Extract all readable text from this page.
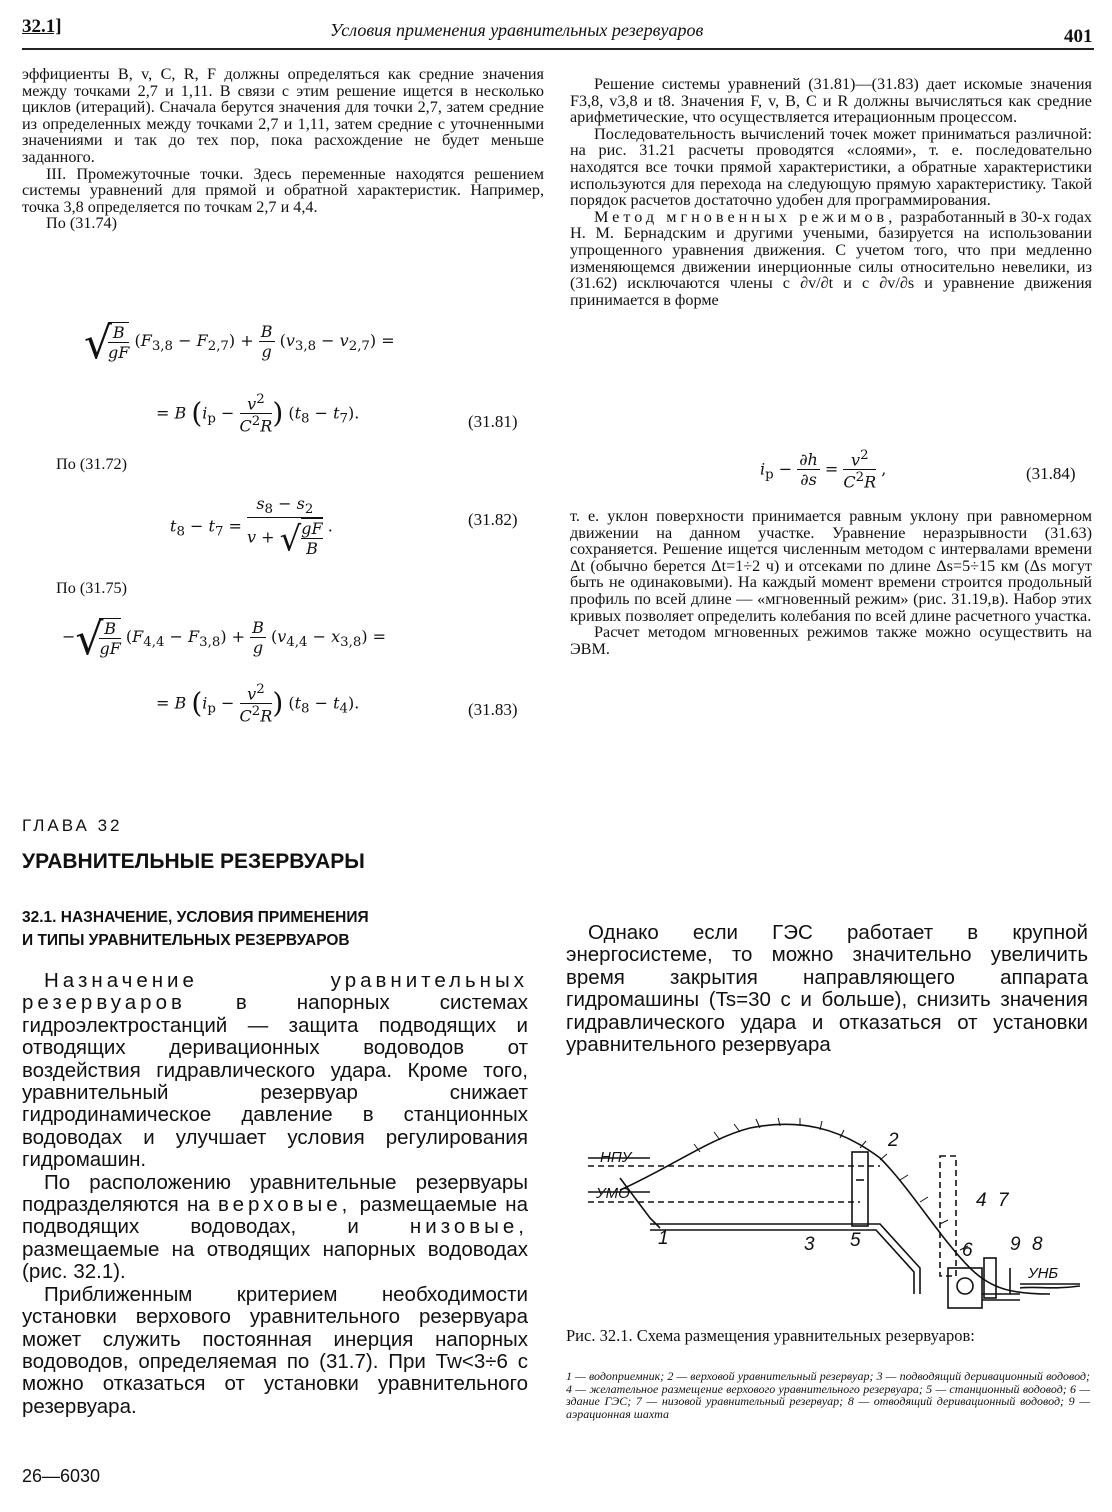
32.1]	Условия применения уравнительных резервуаров	401

эффициенты B, v, C, R, F должны определяться как средние значения между точками 2,7 и 1,11. В связи с этим решение ищется в несколько циклов (итераций). Сначала берутся значения для точки 2,7, затем средние из определенных между точками 2,7 и 1,11, затем средние с уточненными значениями и так до тех пор, пока расхождение не будет меньше заданного.

III. Промежуточные точки. Здесь переменные находятся решением системы уравнений для прямой и обратной характеристик. Например, точка 3,8 определяется по точкам 2,7 и 4,4.

По (31.74)

√
$\frac{B}{gF} (F_{3,8} - F_{2,7}) + \frac{B}{g} (v_{3,8} - v_{2,7})$ =
= B ($i_р - \frac{v^2}{C^2R}$ ) $(t_8 - t_7)$.	(31.81)
По (31.72)
$t_8 - t_7$ =
$s_8 - s_2$
v + √ $\frac{gF}{B}$ .	(31.82)
По (31.75)
−√
$\frac{B}{gF} (F_{4,4} - F_{3,8}) + \frac{B}{g} (v_{4,4} - x_{3,8})$ =
= B ($i_р - \frac{v^2}{C^2R}$ ) $(t_8 - t_4)$.	(31.83)

Решение системы уравнений (31.81)—(31.83) дает искомые значения F3,8, v3,8 и t8. Значения F, v, B, C и R должны вычисляться как средние арифметические, что осуществляется итерационным процессом.

Последовательность вычислений точек может приниматься различной: на рис. 31.21 расчеты проводятся «слоями», т. е. последовательно находятся все точки прямой характеристики, а обратные характеристики используются для перехода на следующую прямую характеристику. Такой порядок расчетов достаточно удобен для программирования.

Метод мгновенных режимов, разработанный в 30-х годах Н. М. Бернадским и другими учеными, базируется на использовании упрощенного уравнения движения. С учетом того, что при медленно изменяющемся движении инерционные силы относительно невелики, из (31.62) исключаются члены с ∂v/∂t и с ∂v/∂s и уравнение движения принимается в форме

$i_р - \frac{\partial h}{\partial s} = \frac{v^2}{C^2R}$ ,	(31.84)

т. е. уклон поверхности принимается равным уклону при равномерном движении на данном участке. Уравнение неразрывности (31.63) сохраняется. Решение ищется численным методом с интервалами времени Δt (обычно берется Δt=1÷2 ч) и отсеками по длине Δs=5÷15 км (Δs могут быть не одинаковыми). На каждый момент времени строится продольный профиль по всей длине — «мгновенный режим» (рис. 31.19,в). Набор этих кривых позволяет определить колебания по всей длине расчетного участка.

Расчет методом мгновенных режимов также можно осуществить на ЭВМ.

ГЛАВА 32
УРАВНИТЕЛЬНЫЕ РЕЗЕРВУАРЫ
32.1. НАЗНАЧЕНИЕ, УСЛОВИЯ ПРИМЕНЕНИЯ
И ТИПЫ УРАВНИТЕЛЬНЫХ РЕЗЕРВУАРОВ

Назначение уравнительных резервуаров в напорных системах гидроэлектростанций — защита подводящих и отводящих деривационных водоводов от воздействия гидравлического удара. Кроме того, уравнительный резервуар снижает гидродинамическое давление в станционных водоводах и улучшает условия регулирования гидромашин.

По расположению уравнительные резервуары подразделяются на верховые, размещаемые на подводящих водоводах, и низовые, размещаемые на отводящих напорных водоводах (рис. 32.1).

Приближенным критерием необходимости установки верхового уравнительного резервуара может служить постоянная инерция напорных водоводов, определяемая по (31.7). При Tw<3÷6 с можно отказаться от установки уравнительного резервуара.

Однако если ГЭС работает в крупной энергосистеме, то можно значительно увеличить время закрытия направляющего аппарата гидромашины (Ts=30 с и больше), снизить значения гидравлического удара и отказаться от установки уравнительного резервуара

НПУ
УМО
УНБ
1
2
3
4
5	6
7
8
9
Рис. 32.1. Схема размещения уравнительных резервуаров:
1 — водоприемник; 2 — верховой уравнительный резервуар; 3 — подводящий деривационный водовод; 4 — желательное размещение верхового уравнительного резервуара; 5 — станционный водовод; 6 — здание ГЭС; 7 — низовой уравнительный резервуар; 8 — отводящий деривационный водовод; 9 — аэрационная шахта
26—6030
